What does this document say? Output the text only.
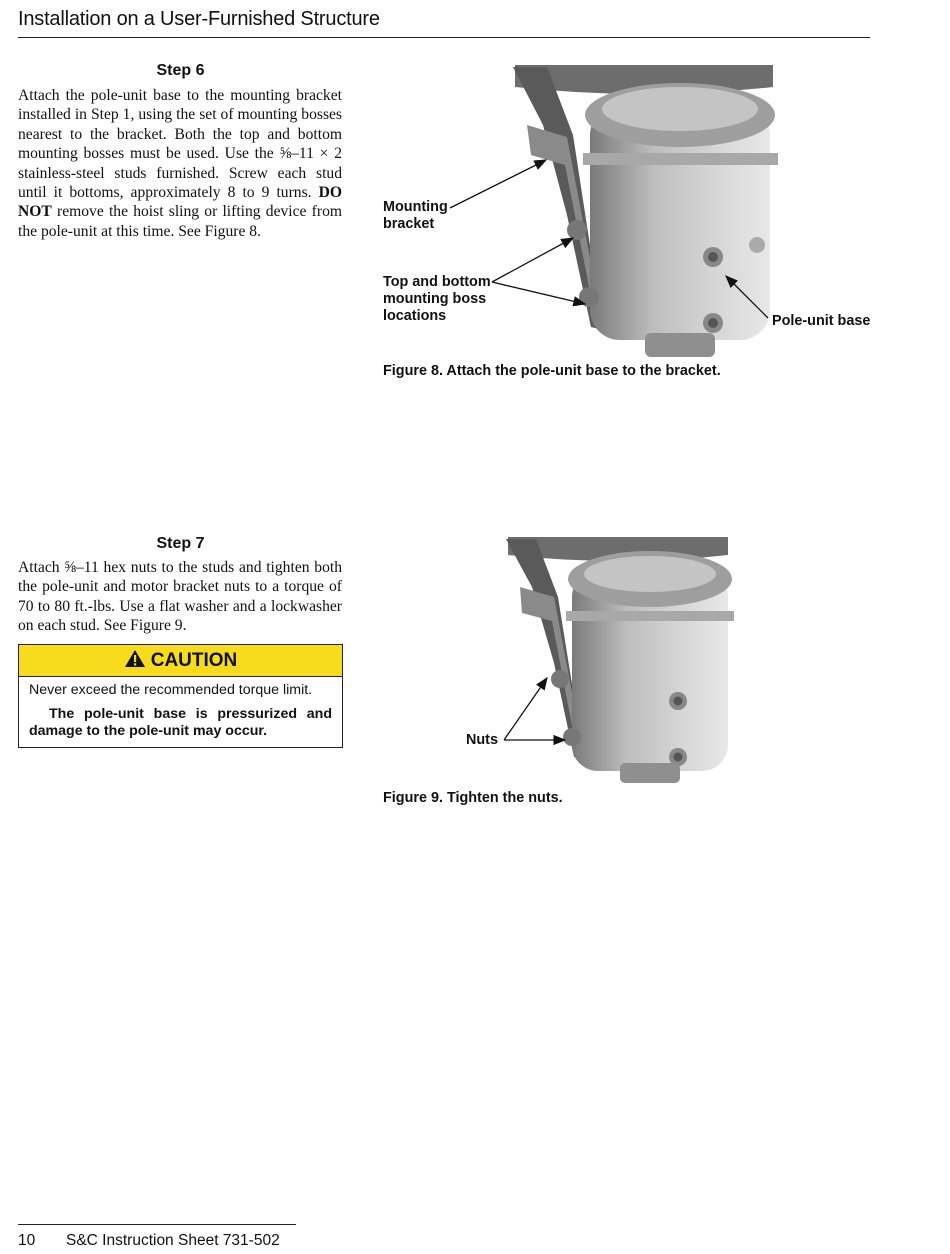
Installation on a User-Furnished Structure
Step 6
Attach the pole-unit base to the mounting bracket installed in Step 1, using the set of mounting bosses nearest to the bracket. Both the top and bottom mounting bosses must be used. Use the ⅝–11 × 2 stainless-steel studs furnished. Screw each stud until it bottoms, approximately 8 to 9 turns. DO NOT remove the hoist sling or lifting device from the pole-unit at this time. See Figure 8.
Mounting
bracket
Top and bottom
mounting boss
locations	Pole-unit base
Figure 8. Attach the pole-unit base to the bracket.
Step 7
Attach ⅝–11 hex nuts to the studs and tighten both the pole-unit and motor bracket nuts to a torque of 70 to 80 ft.-lbs. Use a flat washer and a lockwasher on each stud. See Figure 9.
CAUTION

Never exceed the recommended torque limit.

The pole-unit base is pressurized and damage to the pole-unit may occur.

Nuts
Figure 9. Tighten the nuts.
10 S&C Instruction Sheet 731-502
